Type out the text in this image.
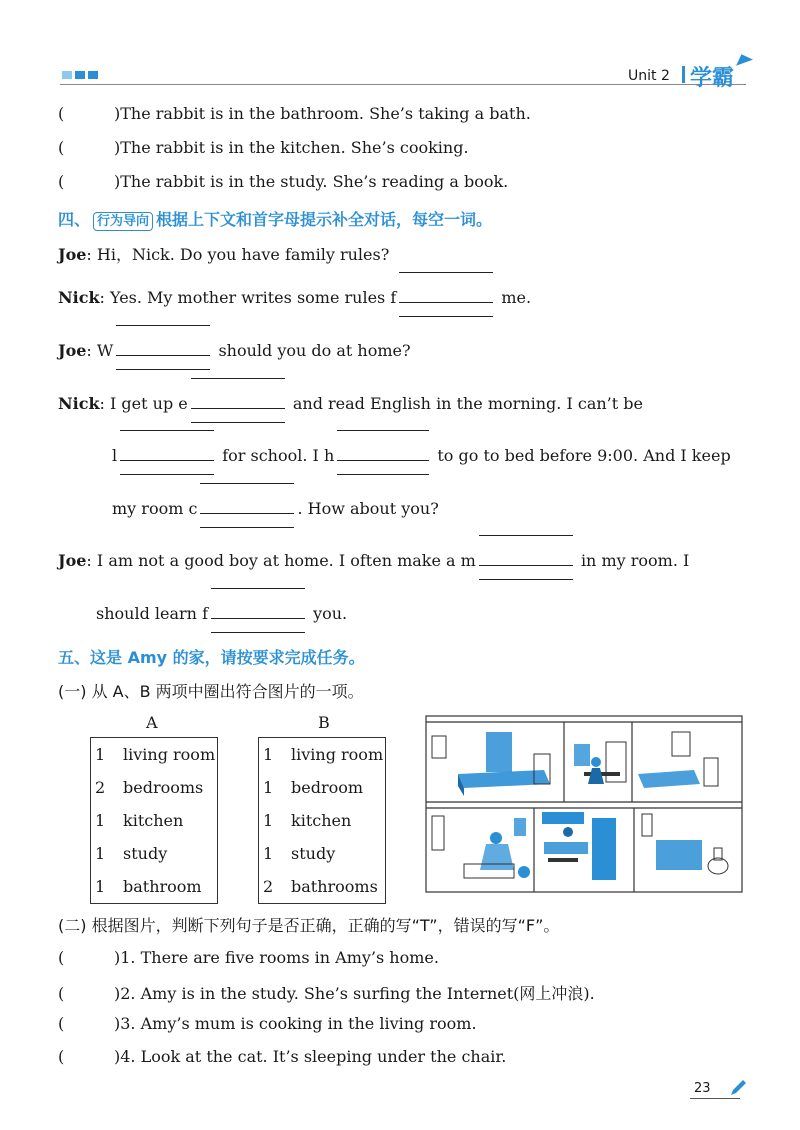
Unit 2 学霸
(	)The rabbit is in the bathroom. She’s taking a bath.
(	)The rabbit is in the kitchen. She’s cooking.
(	)The rabbit is in the study. She’s reading a book.
四、 行为导向 根据上下文和首字母提示补全对话，每空一词。
Joe: Hi，Nick. Do you have family rules?
Nick: Yes. My mother writes some rules f	me.
Joe: W	should you do at home?
Nick: I get up e	and read English in the morning. I can’t be
l	for school. I h	to go to bed before 9:00. And I keep
my room c	. How about you?
Joe: I am not a good boy at home. I often make a m	in my room. I
should learn f	you.
五、这是 Amy 的家，请按要求完成任务。
(一) 从 A、B 两项中圈出符合图片的一项。
A	B
1	living room
2	bedrooms
1	kitchen
1	study
1	bathroom
1	living room
1	bedroom
1	kitchen
1	study
2	bathrooms
(二) 根据图片，判断下列句子是否正确，正确的写“T”，错误的写“F”。
(	)1. There are five rooms in Amy’s home.
(	)2. Amy is in the study. She’s surfing the Internet(网上冲浪).
(	)3. Amy’s mum is cooking in the living room.
(	)4. Look at the cat. It’s sleeping under the chair.
23
